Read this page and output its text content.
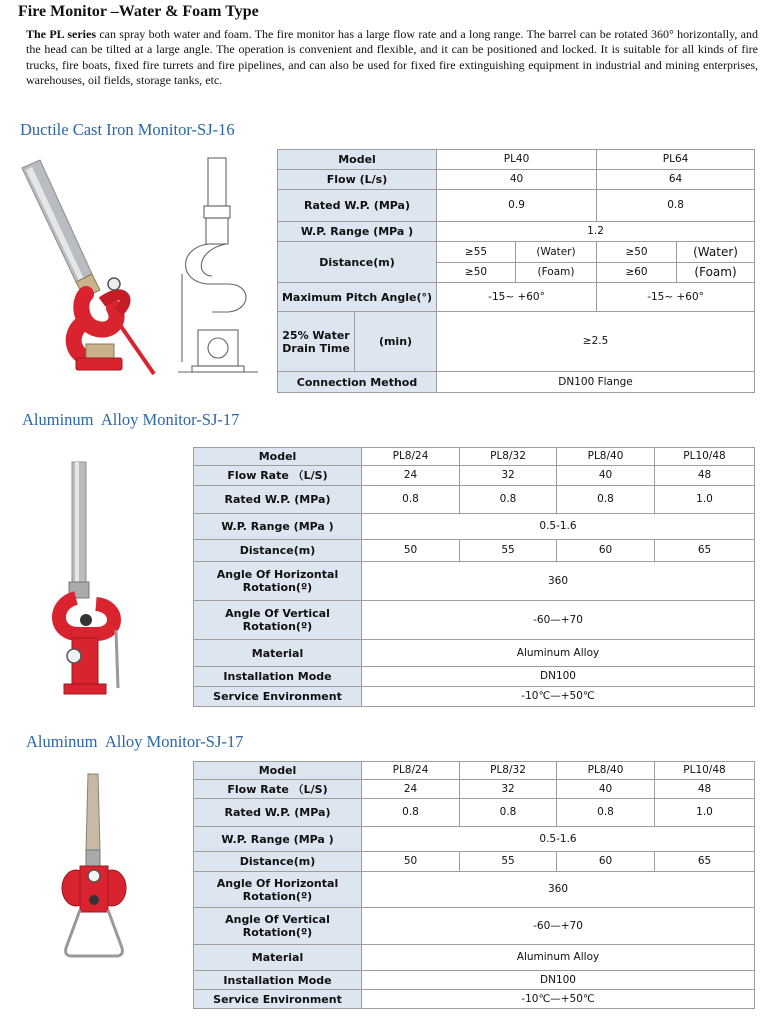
Fire Monitor –Water & Foam Type

The PL series can spray both water and foam. The fire monitor has a large flow rate and a long range. The barrel can be rotated 360° horizontally, and the head can be tilted at a large angle. The operation is convenient and flexible, and it can be positioned and locked. It is suitable for all kinds of fire trucks, fire boats, fixed fire turrets and fire pipelines, and can also be used for fixed fire extinguishing equipment in industrial and mining enterprises, warehouses, oil fields, storage tanks, etc.

Ductile Cast Iron Monitor-SJ-16
Model		PL40		PL64	
Flow (L/s)		40		64	
Rated W.P. (MPa)		0.9		0.8	
W.P. Range (MPa )		1.2			
Distance(m)		≥55	(Water)	≥50	(Water)
		≥50	(Foam)	≥60	(Foam)
Maximum Pitch Angle(°)		-15~ +60°		-15~ +60°	
25% Water Drain Time	(min)	≥2.5			
Connection Method		DN100 Flange			
Aluminum  Alloy Monitor-SJ-17
Model	PL8/24	PL8/32	PL8/40	PL10/48
Flow Rate （L/S)	24	32	40	48
Rated W.P. (MPa)	0.8	0.8	0.8	1.0
W.P. Range (MPa )	0.5-1.6			
Distance(m)	50	55	60	65
Angle Of Horizontal Rotation(º)	360			
Angle Of Vertical Rotation(º)	-60—+70			
Material	Aluminum Alloy			
Installation Mode	DN100			
Service Environment	-10℃—+50℃			
Aluminum  Alloy Monitor-SJ-17
Model	PL8/24	PL8/32	PL8/40	PL10/48
Flow Rate （L/S)	24	32	40	48
Rated W.P. (MPa)	0.8	0.8	0.8	1.0
W.P. Range (MPa )	0.5-1.6			
Distance(m)	50	55	60	65
Angle Of Horizontal Rotation(º)	360			
Angle Of Vertical Rotation(º)	-60—+70			
Material	Aluminum Alloy			
Installation Mode	DN100			
Service Environment	-10℃—+50℃			
